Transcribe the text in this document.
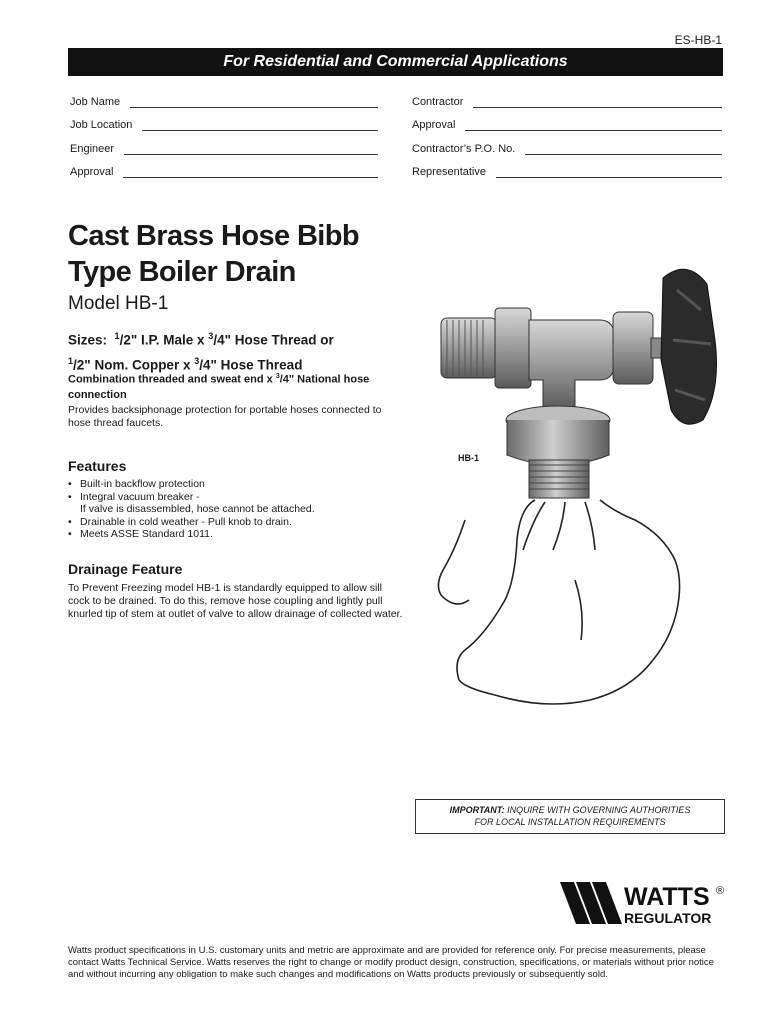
ES-HB-1
For Residential and Commercial Applications
Job Name
Job Location
Engineer
Approval
Contractor
Approval
Contractor’s P.O. No.
Representative
Cast Brass Hose Bibb
Type Boiler Drain
Model HB-1
Sizes: $^1$/2" I.P. Male x $^3$/4" Hose Thread or
$^1$/2" Nom. Copper x $^3$/4" Hose Thread
Combination threaded and sweat end x $^3$/4" National hose connection
Provides backsiphonage protection for portable hoses connected to hose thread faucets.
Features
• Built-in backflow protection
• Integral vacuum breaker -
If valve is disassembled, hose cannot be attached.
• Drainable in cold weather - Pull knob to drain.
• Meets ASSE Standard 1011.
Drainage Feature
To Prevent Freezing model HB-1 is standardly equipped to allow sill cock to be drained. To do this, remove hose coupling and lightly pull knurled tip of stem at outlet of valve to allow drainage of collected water.
HB-1
IMPORTANT: INQUIRE WITH GOVERNING AUTHORITIES
FOR LOCAL INSTALLATION REQUIREMENTS
WATTS ®
REGULATOR
Watts product specifications in U.S. customary units and metric are approximate and are provided for reference only. For precise measurements, please contact Watts Technical Service. Watts reserves the right to change or modify product design, construction, specifications, or materials without prior notice and without incurring any obligation to make such changes and modifications on Watts products previously or subsequently sold.
